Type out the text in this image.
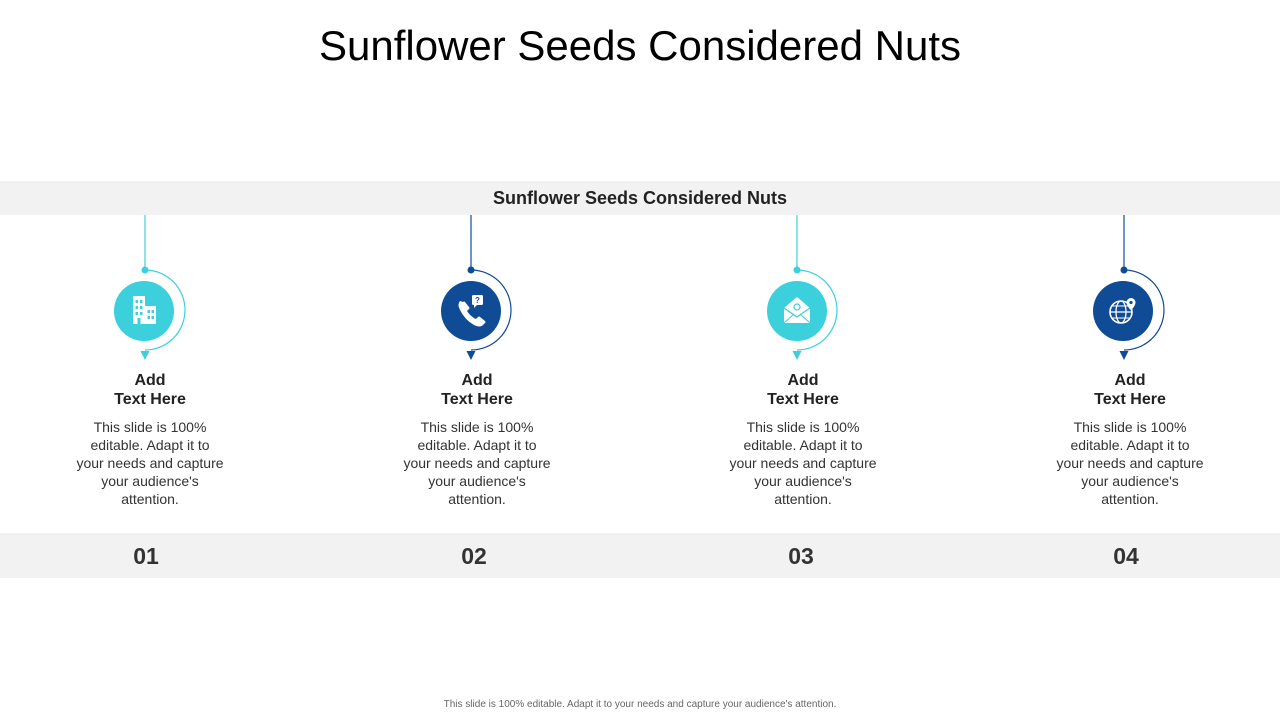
Sunflower Seeds Considered Nuts
Sunflower Seeds Considered Nuts
?
Add
Text Here
This slide is 100% editable. Adapt it to your needs and capture your audience's attention.
01
Add
Text Here
This slide is 100% editable. Adapt it to your needs and capture your audience's attention.
02
Add
Text Here
This slide is 100% editable. Adapt it to your needs and capture your audience's attention.
03
Add
Text Here
This slide is 100% editable. Adapt it to your needs and capture your audience's attention.
04
This slide is 100% editable. Adapt it to your needs and capture your audience's attention.
